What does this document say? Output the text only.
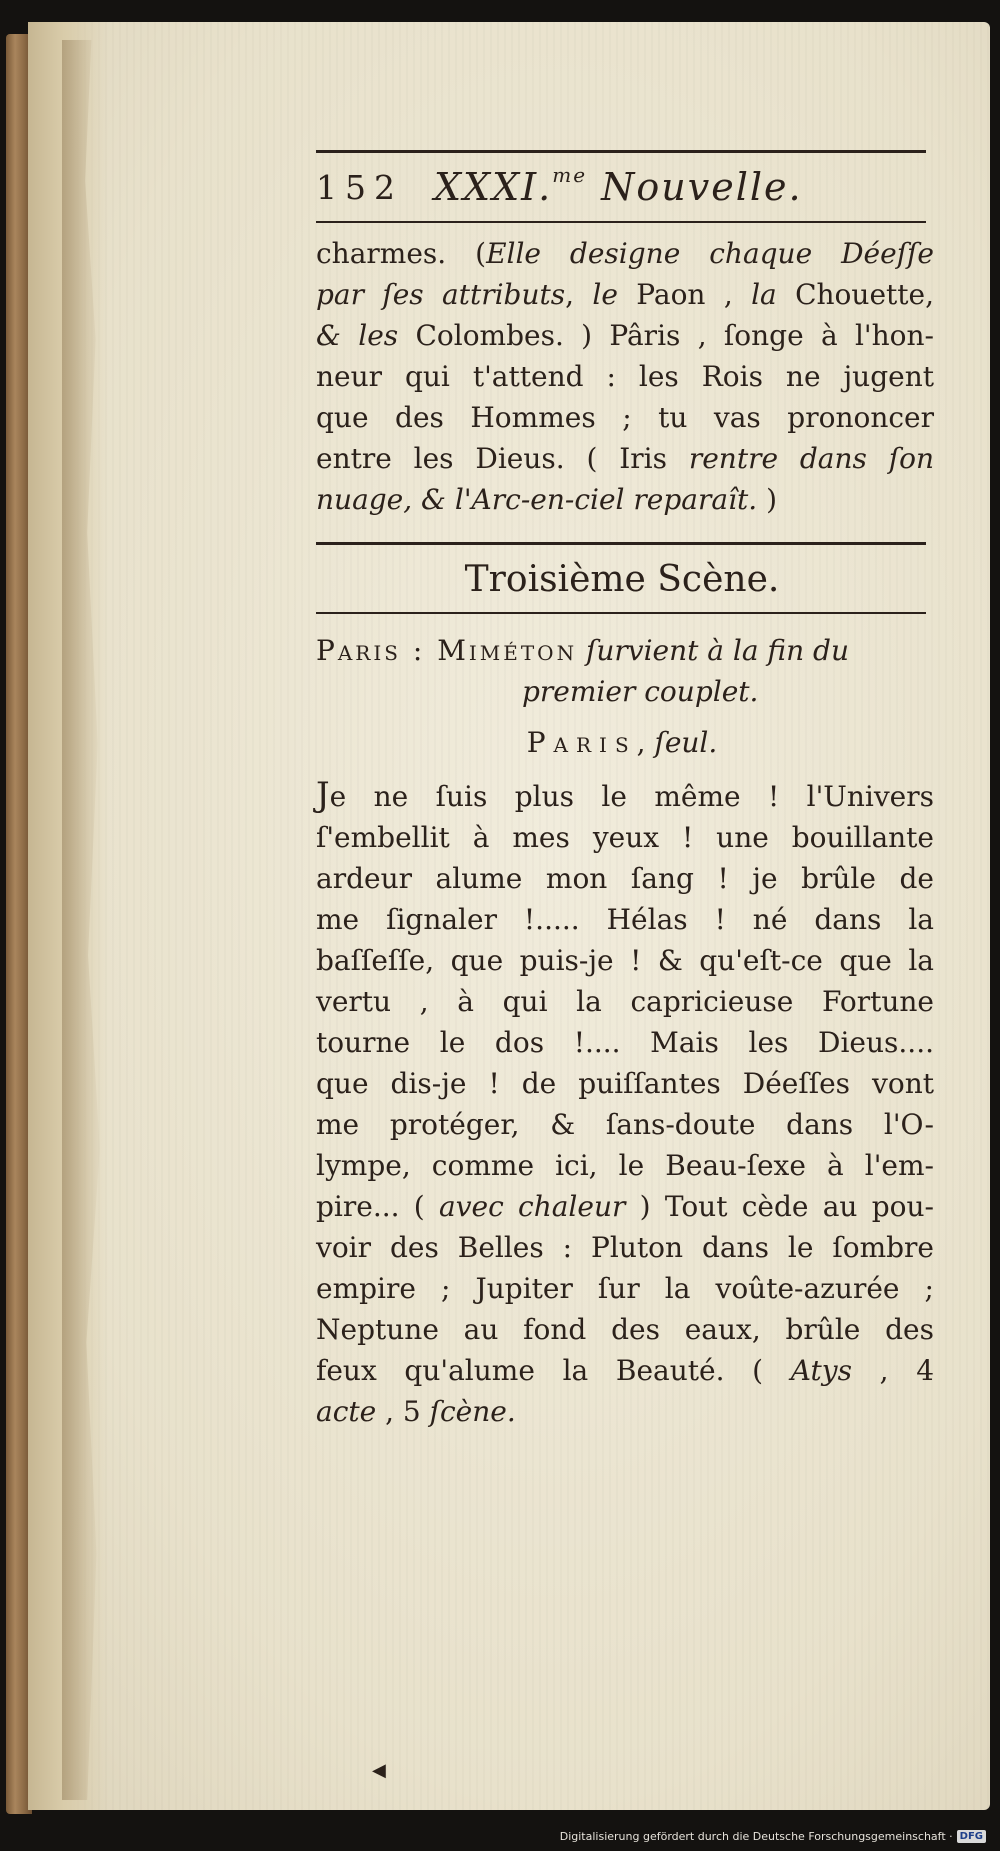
152 XXXI.$^{me}$ Nouvelle.
charmes. (Elle designe chaque Déeſſe
par ſes attributs, le Paon , la Chouette,
& les Colombes. ) Pâris , ſonge à l'hon-
neur qui t'attend : les Rois ne jugent
que des Hommes ; tu vas prononcer
entre les Dieus. ( Iris rentre dans ſon
nuage, & l'Arc-en-ciel reparaît. )
Troisième Scène.
Paris : Miméton ſurvient à la fin du
premier couplet.
Paris, ſeul.
Je ne ſuis plus le même ! l'Univers
ſ'embellit à mes yeux ! une bouillante
ardeur alume mon ſang ! je brûle de
me ſignaler !..... Hélas ! né dans la
baſſeſſe, que puis-je ! & qu'eſt-ce que la
vertu , à qui la capricieuse Fortune
tourne le dos !.... Mais les Dieus....
que dis-je ! de puiſſantes Déeſſes vont
me protéger, & ſans-doute dans l'O-
lympe, comme ici, le Beau-ſexe à l'em-
pire... ( avec chaleur ) Tout cède au pou-
voir des Belles : Pluton dans le ſombre
empire ; Jupiter ſur la voûte-azurée ;
Neptune au fond des eaux, brûle des
feux qu'alume la Beauté. ( Atys , 4
acte , 5 ſcène.
◀
Digitalisierung gefördert durch die Deutsche Forschungsgemeinschaft · DFG
